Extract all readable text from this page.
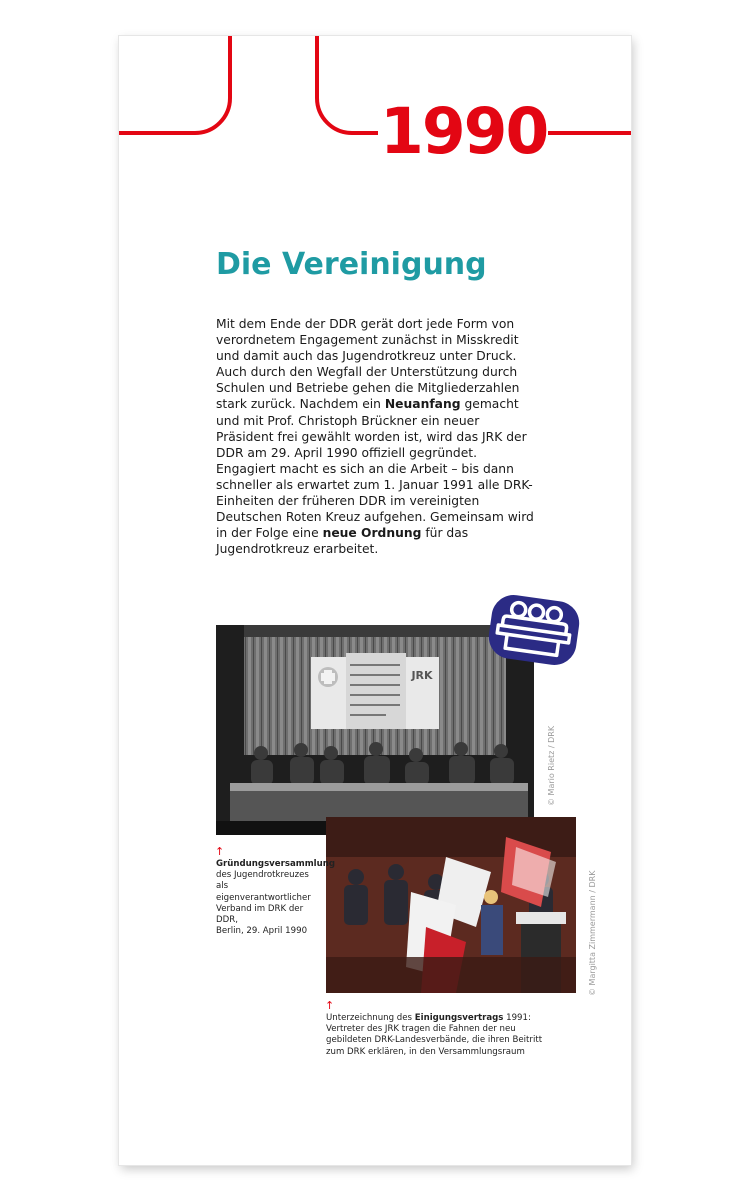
1990
Die Vereinigung

Mit dem Ende der DDR gerät dort jede Form von verordnetem Engagement zunächst in Misskredit und damit auch das Jugendrotkreuz unter Druck. Auch durch den Wegfall der Unterstützung durch Schulen und Betriebe gehen die Mitgliederzahlen stark zurück. Nachdem ein Neuanfang gemacht und mit Prof. Christoph Brückner ein neuer Präsident frei gewählt worden ist, wird das JRK der DDR am 29. April 1990 offiziell gegründet. Engagiert macht es sich an die Arbeit – bis dann schneller als erwartet zum 1. Januar 1991 alle DRK-Einheiten der früheren DDR im vereinigten Deutschen Roten Kreuz aufgehen. Gemeinsam wird in der Folge eine neue Ordnung für das Jugendrotkreuz erarbeitet.

JRK
© Mario Rietz / DRK
© Margitta Zimmermann / DRK
↑
Gründungsversammlung
des Jugendrotkreuzes
als eigenverantwortlicher
Verband im DRK der DDR,
Berlin, 29. April 1990
↑
Unterzeichnung des Einigungsvertrags 1991:
Vertreter des JRK tragen die Fahnen der neu
gebildeten DRK-Landesverbände, die ihren Beitritt
zum DRK erklären, in den Versammlungsraum
